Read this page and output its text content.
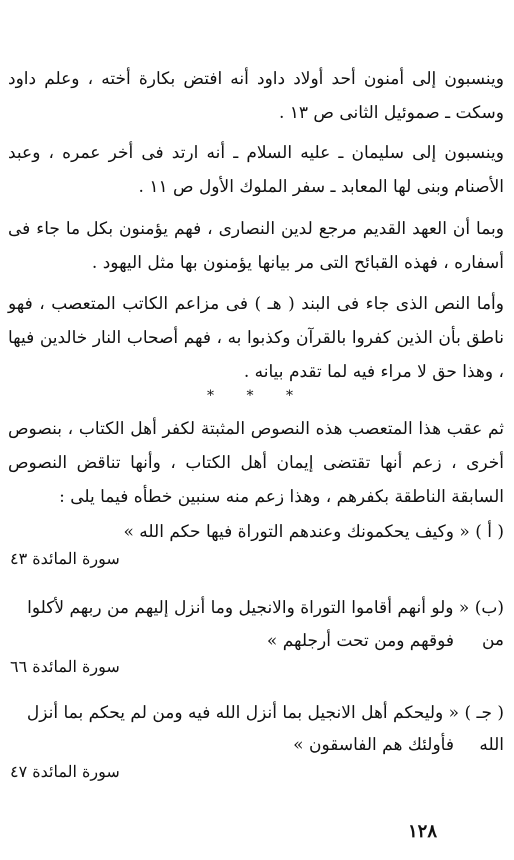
وينسبون إلى أمنون أحد أولاد داود أنه افتض بكارة أخته ، وعلم داود وسكت ـ صموئيل الثانى ص ١٣ .
وينسبون إلى سليمان ـ عليه السلام ـ أنه ارتد فى أخر عمره ، وعبد الأصنام وبنى لها المعابد ـ سفر الملوك الأول ص ١١ .
وبما أن العهد القديم مرجع لدين النصارى ، فهم يؤمنون بكل ما جاء فى أسفاره ، فهذه القبائح التى مر بيانها يؤمنون بها مثل اليهود .
وأما النص الذى جاء فى البند ( هـ ) فى مزاعم الكاتب المتعصب ، فهو ناطق بأن الذين كفروا بالقرآن وكذبوا به ، فهم أصحاب النار خالدين فيها ، وهذا حق لا مراء فيه لما تقدم بيانه .
* * *
ثم عقب هذا المتعصب هذه النصوص المثبتة لكفر أهل الكتاب ، بنصوص أخرى ، زعم أنها تقتضى إيمان أهل الكتاب ، وأنها تناقض النصوص السابقة الناطقة بكفرهم ، وهذا زعم منه سنبين خطأه فيما يلى :
( أ ) « وكيف يحكمونك وعندهم التوراة فيها حكم الله »
سورة المائدة ٤٣
(ب) « ولو أنهم أقاموا التوراة والانجيل وما أنزل إليهم من ربهم لأكلوا من
فوقهم ومن تحت أرجلهم »
سورة المائدة ٦٦
( جـ ) « وليحكم أهل الانجيل بما أنزل الله فيه ومن لم يحكم بما أنزل الله
فأولئك هم الفاسقون »
سورة المائدة ٤٧
١٢٨
